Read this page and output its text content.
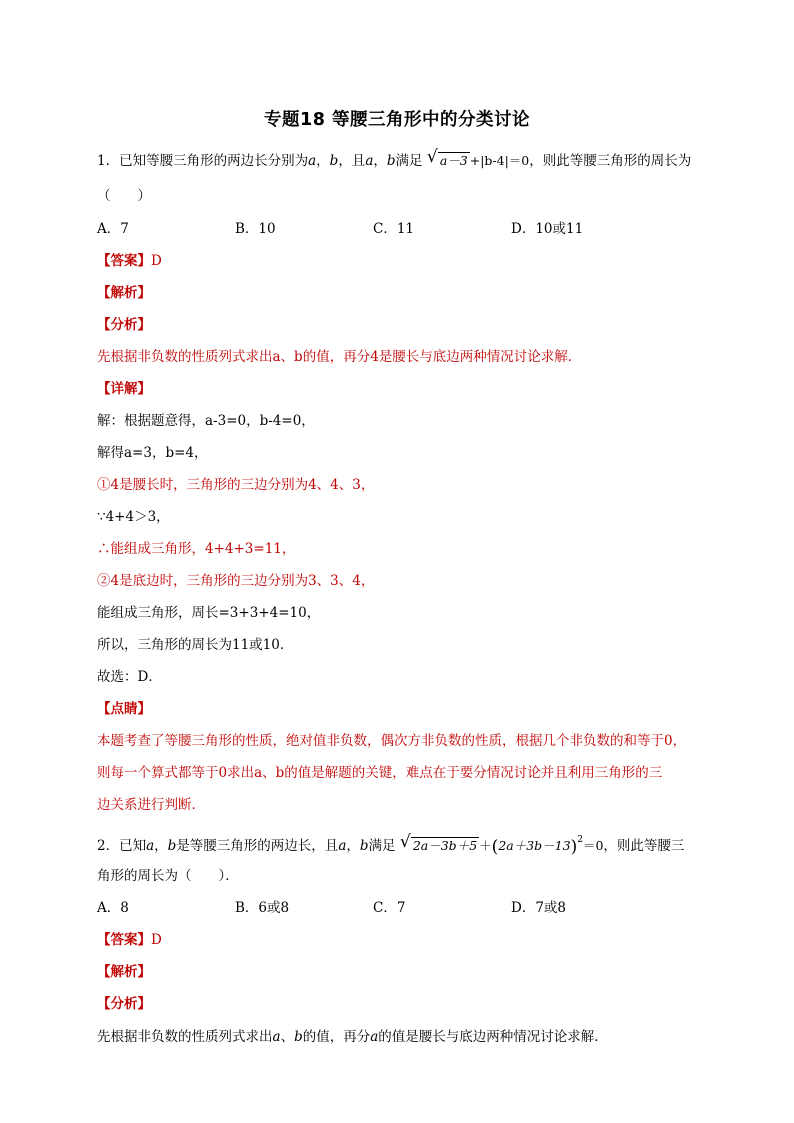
专题18 等腰三角形中的分类讨论
1．已知等腰三角形的两边长分别为a，b，且a，b满足 √ a－3 +|b-4|＝0，则此等腰三角形的周长为
（　　）
A．7	B．10	C．11	D．10或11
【答案】D
【解析】
【分析】
先根据非负数的性质列式求出a、b的值，再分4是腰长与底边两种情况讨论求解．
【详解】
解：根据题意得，a-3=0，b-4=0，
解得a=3，b=4，
①4是腰长时，三角形的三边分别为4、4、3，
∵4+4＞3，
∴能组成三角形，4+4+3=11，
②4是底边时，三角形的三边分别为3、3、4，
能组成三角形，周长=3+3+4=10，
所以，三角形的周长为11或10．
故选：D．
【点睛】
本题考查了等腰三角形的性质，绝对值非负数，偶次方非负数的性质，根据几个非负数的和等于0，
则每一个算式都等于0求出a、b的值是解题的关键，难点在于要分情况讨论并且利用三角形的三
边关系进行判断．
2．已知a，b是等腰三角形的两边长，且a，b满足 √ $2a-3b+5 +(2a+3b-13)^2=0$，则此等腰三
角形的周长为（　　）．
A．8	B．6或8	C．7	D．7或8
【答案】D
【解析】
【分析】
先根据非负数的性质列式求出a、b的值，再分a的值是腰长与底边两种情况讨论求解．
